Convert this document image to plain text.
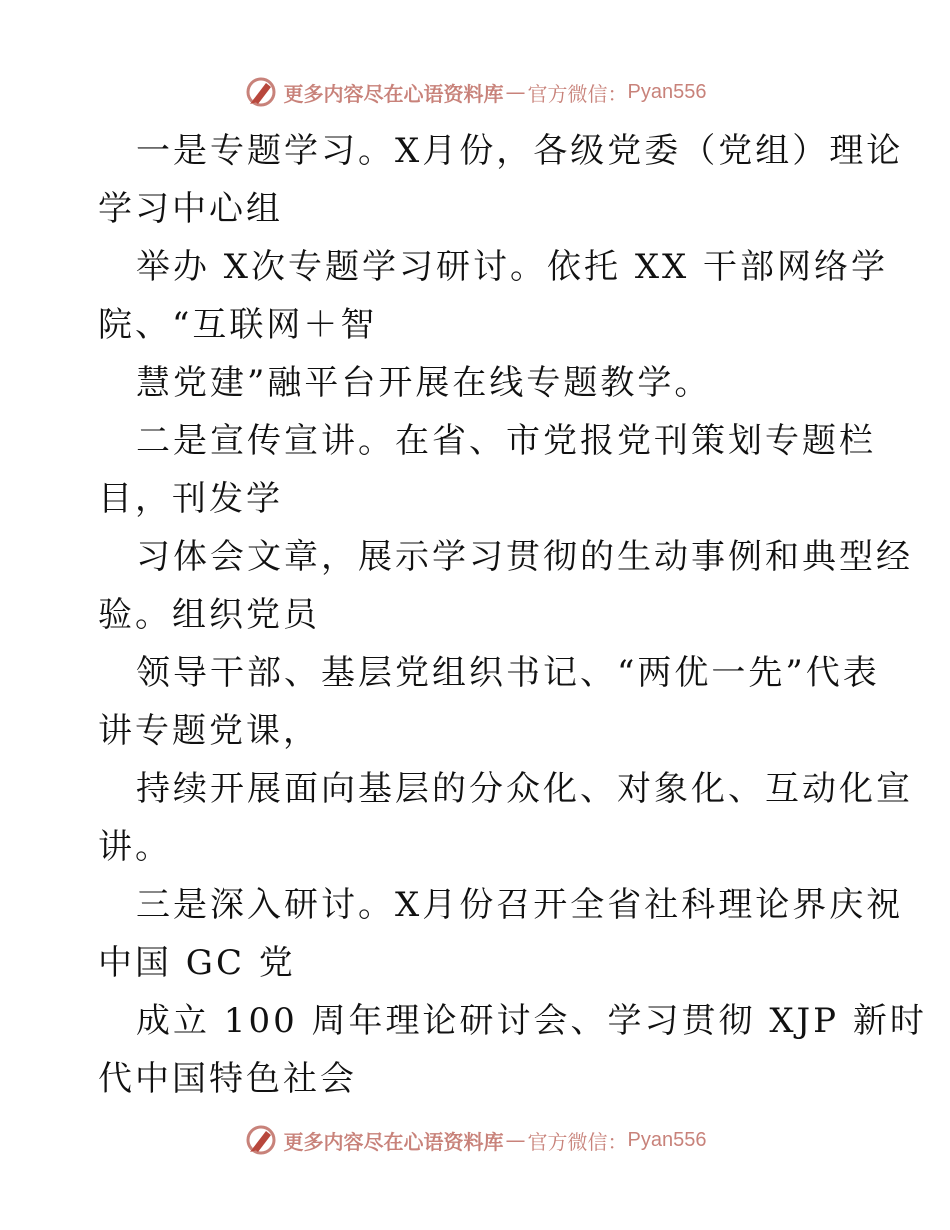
更多内容尽在心语资料库 — 官方微信： Pyan556
一是专题学习。X月份，各级党委（党组）理论
学习中心组
举办 X次专题学习研讨。依托 XX 干部网络学
院、“互联网＋智
慧党建”融平台开展在线专题教学。
二是宣传宣讲。在省、市党报党刊策划专题栏
目，刊发学
习体会文章，展示学习贯彻的生动事例和典型经
验。组织党员
领导干部、基层党组织书记、“两优一先”代表
讲专题党课，
持续开展面向基层的分众化、对象化、互动化宣
讲。
三是深入研讨。X月份召开全省社科理论界庆祝
中国 GC 党
成立 100 周年理论研讨会、学习贯彻 XJP 新时
代中国特色社会
更多内容尽在心语资料库 — 官方微信： Pyan556
